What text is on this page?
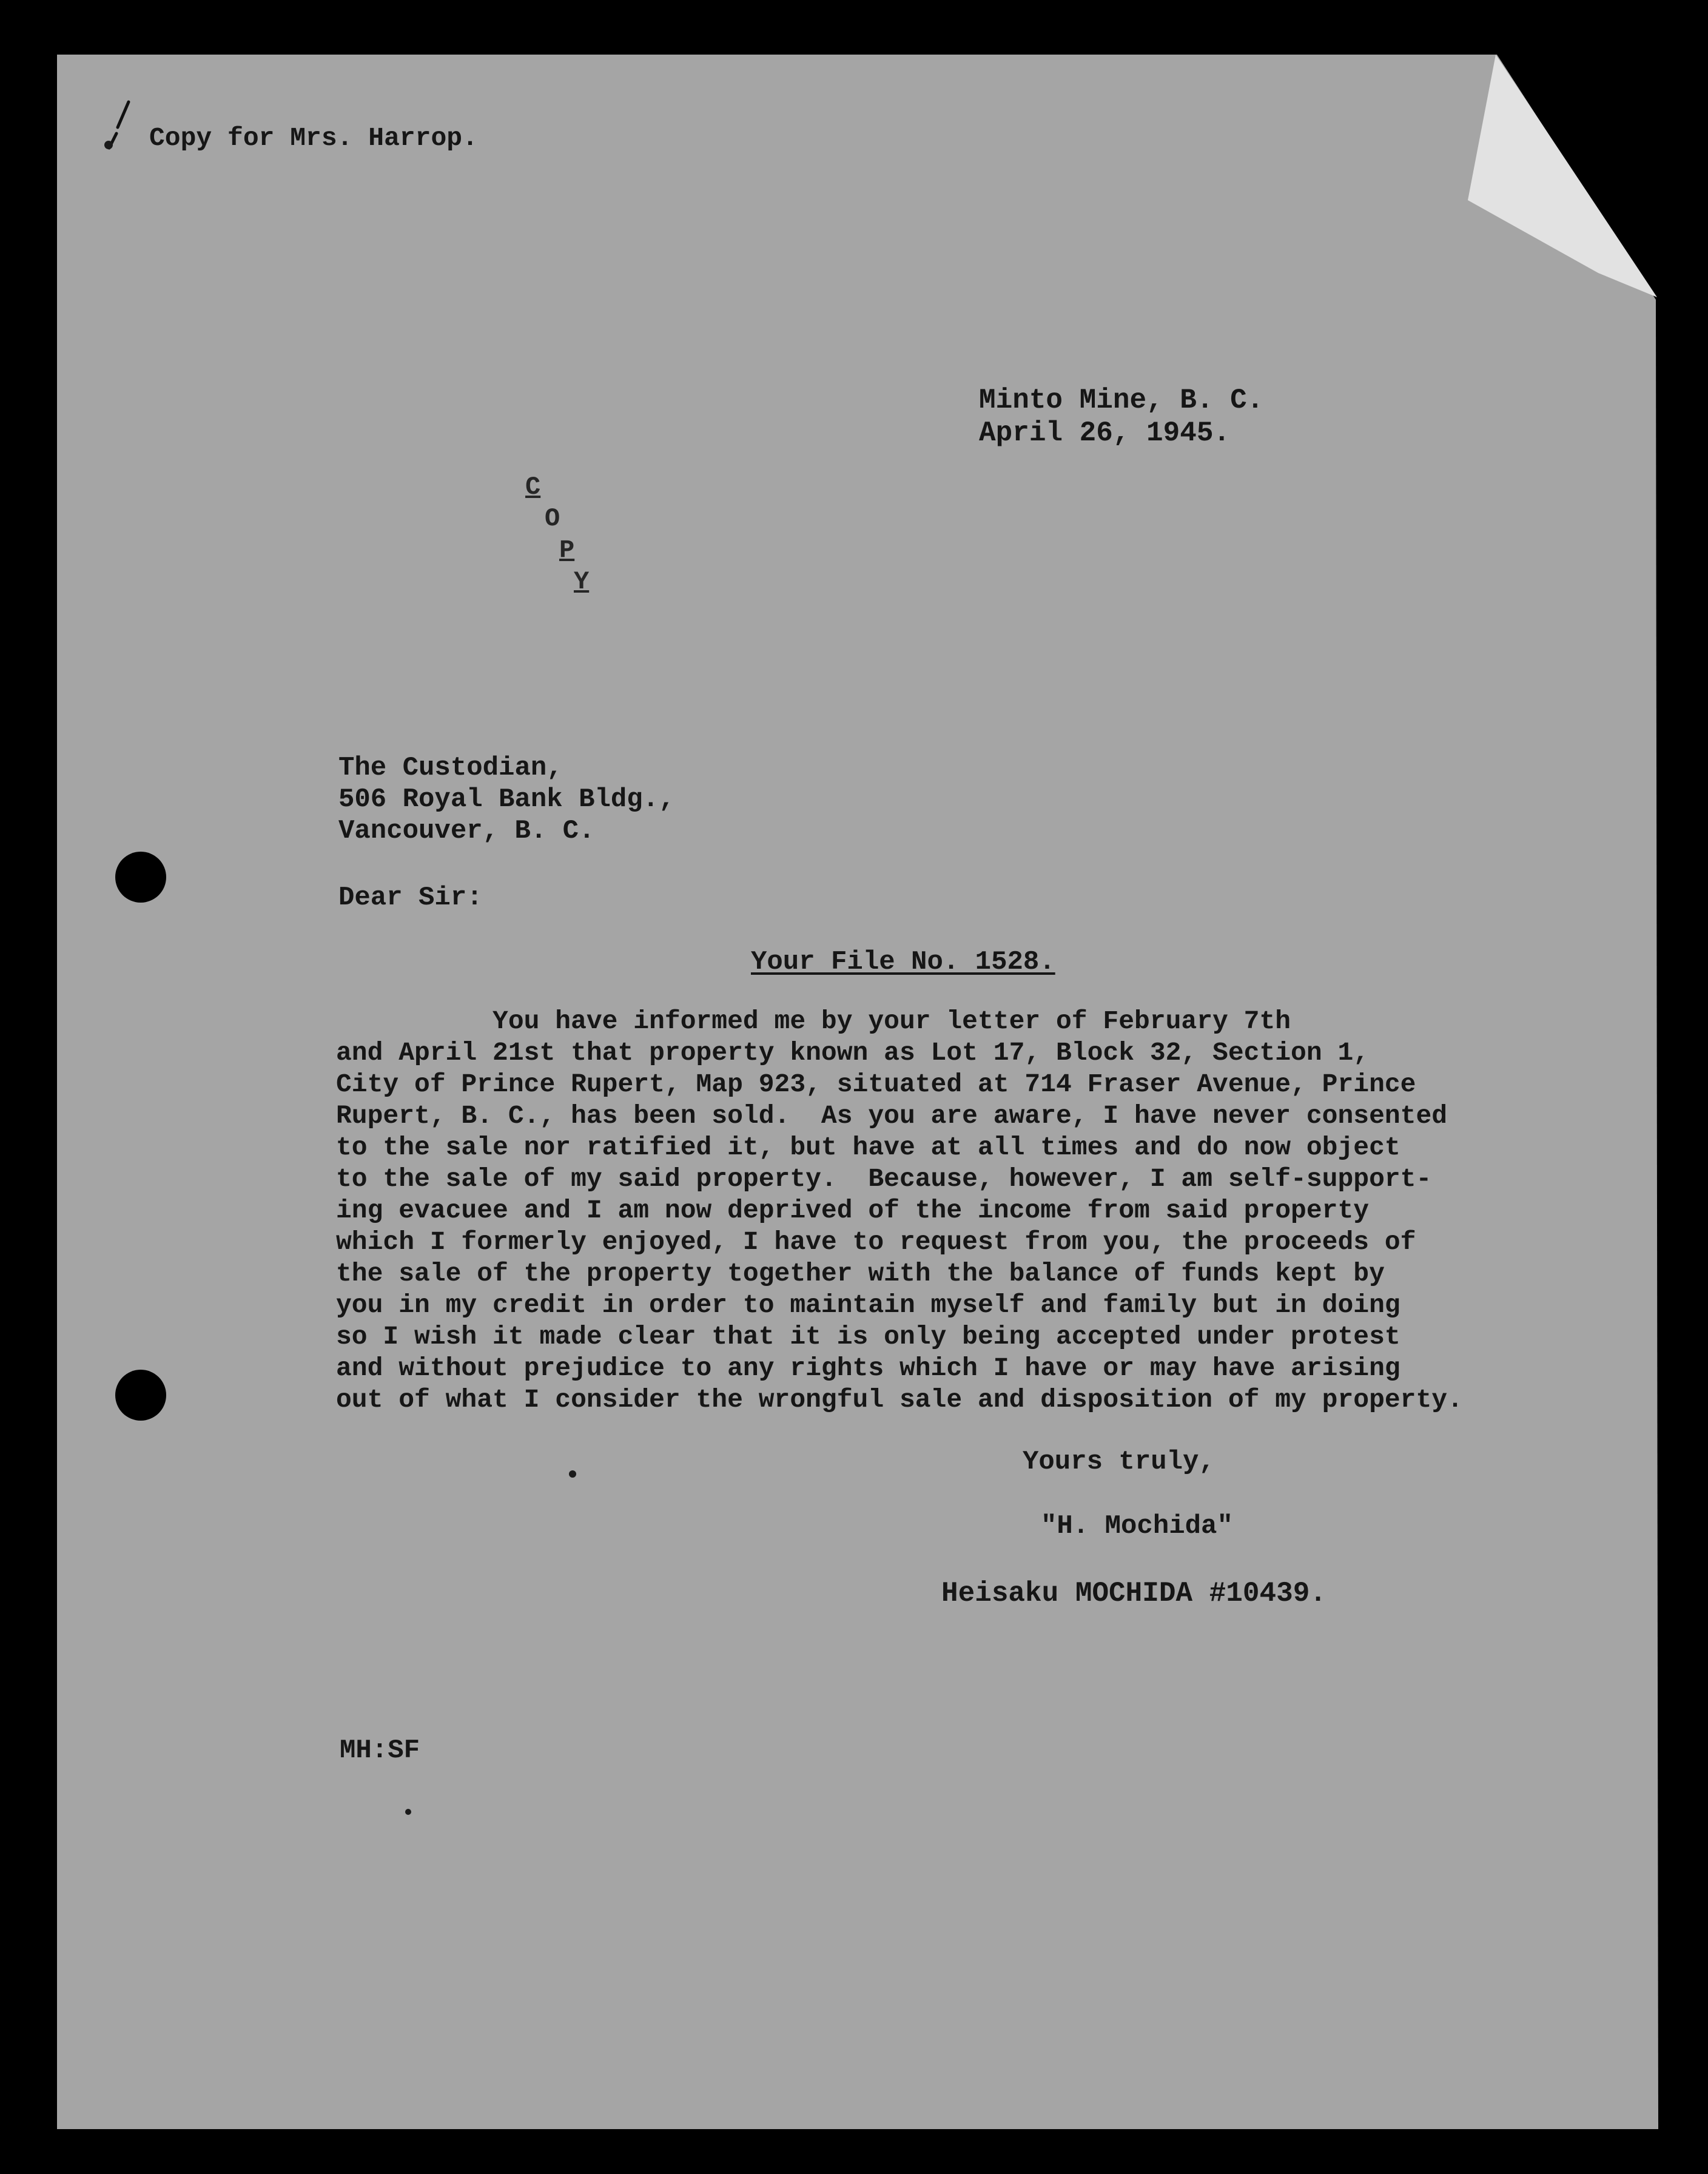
Copy for Mrs. Harrop.
Minto Mine, B. C.
April 26, 1945.
C
O
P
Y
The Custodian,
506 Royal Bank Bldg.,
Vancouver, B. C.
Dear Sir:
Your File No. 1528.
You have informed me by your letter of February 7th
and April 21st that property known as Lot 17, Block 32, Section 1,
City of Prince Rupert, Map 923, situated at 714 Fraser Avenue, Prince
Rupert, B. C., has been sold.  As you are aware, I have never consented
to the sale nor ratified it, but have at all times and do now object
to the sale of my said property.  Because, however, I am self-support-
ing evacuee and I am now deprived of the income from said property
which I formerly enjoyed, I have to request from you, the proceeds of
the sale of the property together with the balance of funds kept by
you in my credit in order to maintain myself and family but in doing
so I wish it made clear that it is only being accepted under protest
and without prejudice to any rights which I have or may have arising
out of what I consider the wrongful sale and disposition of my property.
Yours truly,
"H. Mochida"
Heisaku MOCHIDA #10439.
MH:SF
